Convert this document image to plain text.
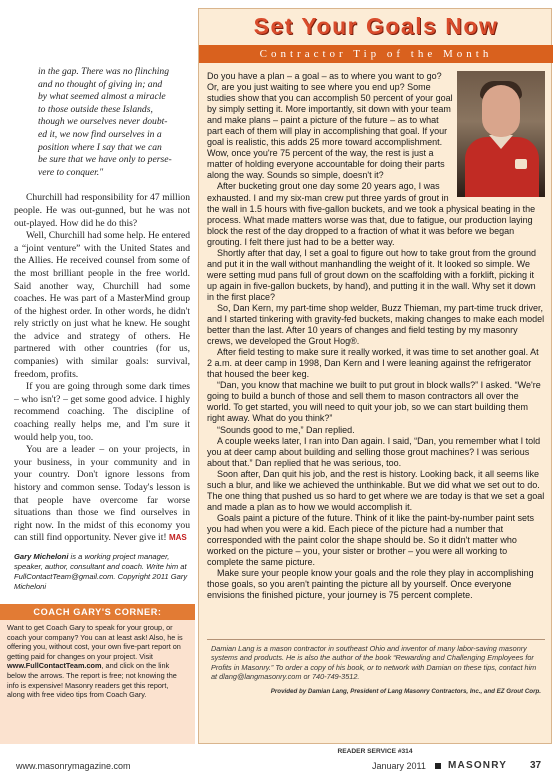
in the gap. There was no flinching

and no thought of giving in; and

by what seemed almost a miracle

to those outside these Islands,

though we ourselves never doubt-

ed it, we now find ourselves in a

position where I say that we can

be sure that we have only to perse-

vere to conquer."

Churchill had responsibility for 47 million people. He was out-gunned, but he was not out-played. How did he do this?

Well, Churchill had some help. He entered a “joint venture” with the United States and the Allies. He received counsel from some of the most brilliant people in the free world. Said another way, Churchill had some coaches. He was part of a MasterMind group of the highest order. In other words, he didn't rely strictly on just what he knew. He sought the advice and strategy of others. He partnered with other countries (for us, companies) with similar goals: survival, freedom, profits.

If you are going through some dark times – who isn't? – get some good advice. I highly recommend coaching. The discipline of coaching really helps me, and I'm sure it would help you, too.

You are a leader – on your projects, in your business, in your community and in your country. Don't ignore lessons from history and common sense. Today's lesson is that people have overcome far worse situations than those we find ourselves in right now. In the midst of this economy you can still find opportunity. Never give it! MAS

Gary Micheloni is a working project manager, speaker, author, consultant and coach. Write him at FullContactTeam@gmail.com. Copyright 2011 Gary Micheloni
COACH GARY'S CORNER:
Want to get Coach Gary to speak for your group, or coach your company? You can at least ask! Also, he is offering you, without cost, your own five-part report on getting paid for changes on your project. Visit www.FullContactTeam.com, and click on the link below the arrows. The report is free; not knowing the info is expensive! Masonry readers get this report, along with free video tips from Coach Gary.
Set Your Goals Now
Contractor Tip of the Month

Do you have a plan – a goal – as to where you want to go? Or, are you just waiting to see where you end up? Some studies show that you can accomplish 50 percent of your goal by simply setting it. More importantly, sit down with your team and make plans – paint a picture of the future – as to what part each of them will play in accomplishing that goal. If your goal is realistic, this adds 25 more toward accomplishment. Wow, once you're 75 percent of the way, the rest is just a matter of holding everyone accountable for doing their parts along the way. Sounds so simple, doesn't it?

After bucketing grout one day some 20 years ago, I was exhausted. I and my six-man crew put three yards of grout in the wall in 1.5 hours with five-gallon buckets, and we took a physical beating in the process. What made matters worse was that, due to fatigue, our production laying block the rest of the day dropped to a fraction of what it was before we began grouting. I felt there just had to be a better way.

Shortly after that day, I set a goal to figure out how to take grout from the ground and put it in the wall without manhandling the weight of it. It looked so simple. We were setting mud pans full of grout down on the scaffolding with a forklift, picking it up again in five-gallon buckets, by hand), and putting it in the wall. Why set it down in the first place?

So, Dan Kern, my part-time shop welder, Buzz Thieman, my part-time truck driver, and I started tinkering with gravity-fed buckets, making changes to make each model better than the last. After 10 years of changes and field testing by my masonry crews, we developed the Grout Hog®.

After field testing to make sure it really worked, it was time to set another goal. At 2 a.m. at deer camp in 1998, Dan Kern and I were leaning against the refrigerator that housed the beer keg.

“Dan, you know that machine we built to put grout in block walls?” I asked. “We're going to build a bunch of those and sell them to mason contractors all over the world. To get started, you will need to quit your job, so we can start building them right away. What do you think?”

“Sounds good to me,” Dan replied.

A couple weeks later, I ran into Dan again. I said, “Dan, you remember what I told you at deer camp about building and selling those grout machines? I was serious about that.” Dan replied that he was serious, too.

Soon after, Dan quit his job, and the rest is history. Looking back, it all seems like such a blur, and like we achieved the unthinkable. But we did what we set out to do. The one thing that pushed us so hard to get where we are today is that we set a goal and made a plan as to how we would accomplish it.

Goals paint a picture of the future. Think of it like the paint-by-number paint sets you had when you were a kid. Each piece of the picture had a number that corresponded with the paint color the shape should be. So it didn't matter who worked on the picture – you, your sister or brother – you were all working to complete the same picture.

Make sure your people know your goals and the role they play in accomplishing those goals, so you aren't painting the picture all by yourself. Once everyone envisions the finished picture, your journey is 75 percent complete.

Damian Lang is a mason contractor in southeast Ohio and inventor of many labor-saving masonry systems and products. He is also the author of the book “Rewarding and Challenging Employees for Profits in Masonry.” To order a copy of his book, or to network with Damian on these tips, contact him at dlang@langmasonry.com or 740-749-3512.
Provided by Damian Lang, President of Lang Masonry Contractors, Inc., and EZ Grout Corp.
READER SERVICE #314
www.masonrymagazine.com	January 2011 MASONRY 37
